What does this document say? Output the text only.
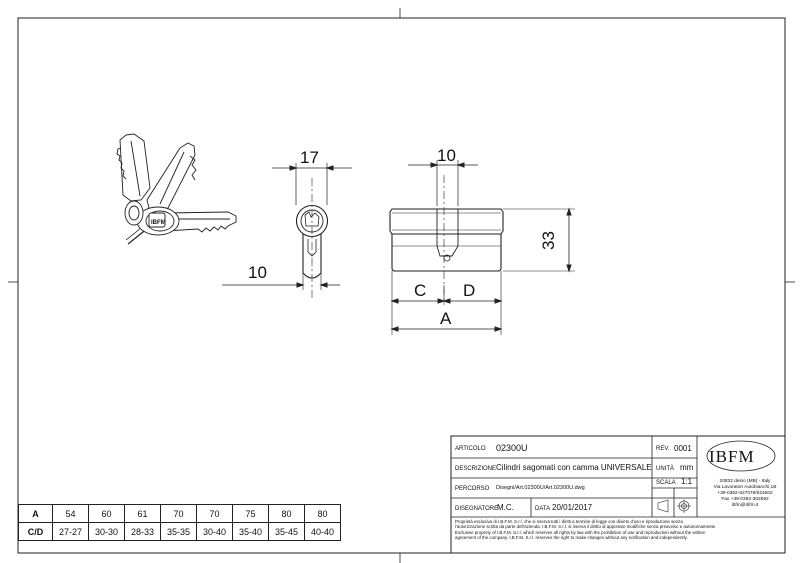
IBFM
17
10
10
33
C D
A
A	54	60	61	70	70	75	80	80
C/D	27-27	30-30	28-33	35-35	30-40	35-40	35-45	40-40
ARTICOLO 02300U	REV. 0001
DESCRIZIONE Cilindri sagomati con camma UNIVERSALE UNITÀ mm
PERCORSO Disegni/Art.02300U/Art.02300U.dwg
SCALA 1:1
DISEGNATORE
M.C.	DATA 20/01/2017
IBFM
20832 desio (MB) - Italy
Via Lavoratori Autobianchi,1B
+39-0362-627078/624502
Fax +39-0362-302692
ibfm@ibfm.it
Proprietà esclusiva di I.B.F.M. S.r.l. che si riserva tutti i diritti a termine di legge con divieto d'uso e riproduzione senza
l'autorizzazione scritta da parte dell'azienda. I.B.F.M. S.r.l. si riserva il diritto di apportare modifiche senza preavviso e autonomamente.
Exclusive property of I.B.F.M. S.r.l. which reserves all rights by law with the prohibition of use and reproduction without the written
agreement of the company. I.B.F.M. S.r.l. reserves the right to make changes without any notification and independently.
